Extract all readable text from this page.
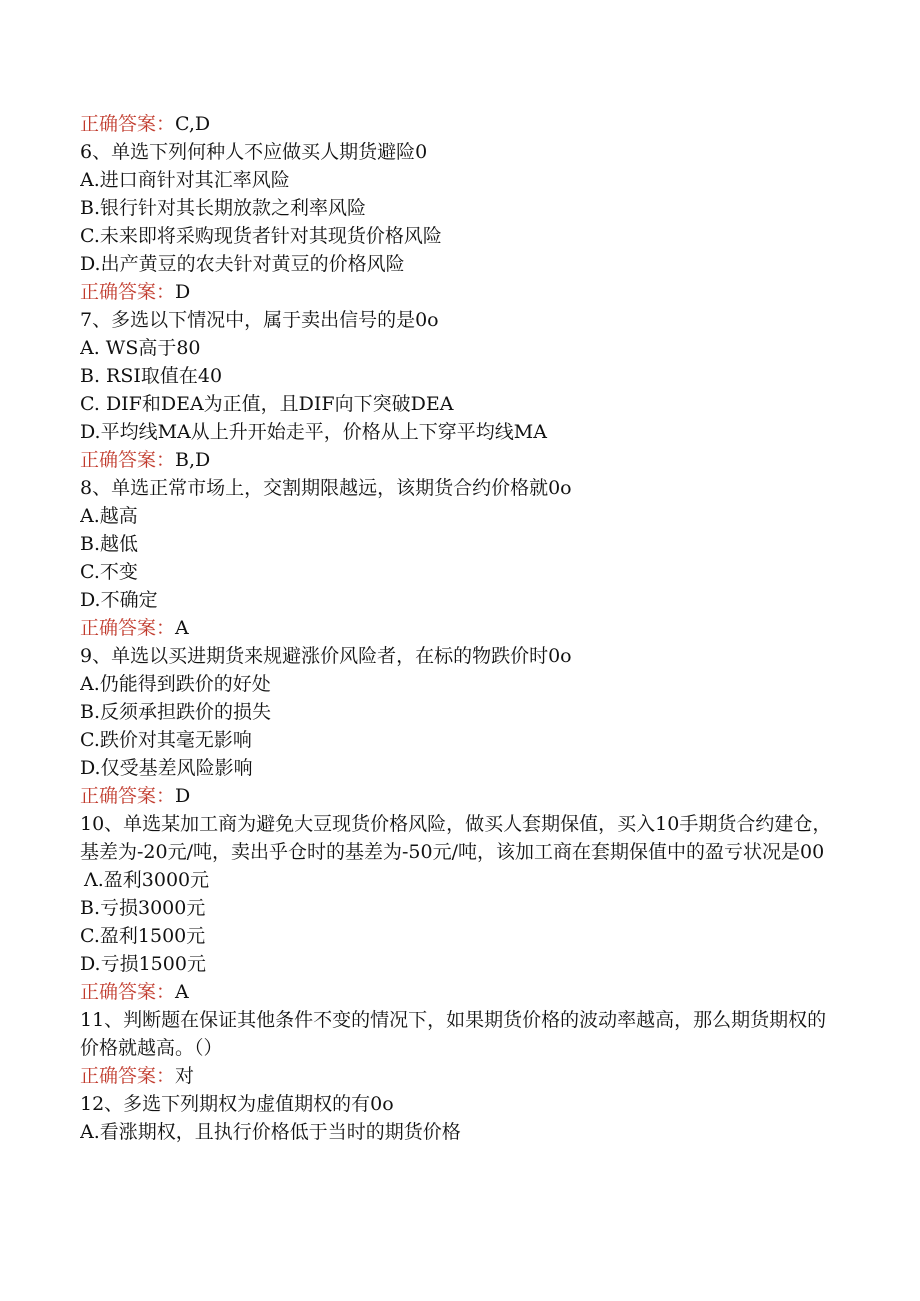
正确答案：C,D
6、单选下列何种人不应做买人期货避险0
A.进口商针对其汇率风险
B.银行针对其长期放款之利率风险
C.未来即将采购现货者针对其现货价格风险
D.出产黄豆的农夫针对黄豆的价格风险
正确答案：D
7、多选以下情况中，属于卖出信号的是0o
A. WS高于80
B. RSI取值在40
C. DIF和DEA为正值，且DIF向下突破DEA
D.平均线MA从上升开始走平，价格从上下穿平均线MA
正确答案：B,D
8、单选正常市场上，交割期限越远，该期货合约价格就0o
A.越高
B.越低
C.不变
D.不确定
正确答案：A
9、单选以买进期货来规避涨价风险者，在标的物跌价时0o
A.仍能得到跌价的好处
B.反须承担跌价的损失
C.跌价对其毫无影响
D.仅受基差风险影响
正确答案：D
10、单选某加工商为避免大豆现货价格风险，做买人套期保值，买入10手期货合约建仓，基差为-20元/吨，卖出乎仓时的基差为-50元/吨，该加工商在套期保值中的盈亏状况是00
Λ.盈利3000元
B.亏损3000元
C.盈利1500元
D.亏损1500元
正确答案：A
11、判断题在保证其他条件不变的情况下，如果期货价格的波动率越高，那么期货期权的价格就越高。（）
正确答案：对
12、多选下列期权为虚值期权的有0o
A.看涨期权，且执行价格低于当时的期货价格
